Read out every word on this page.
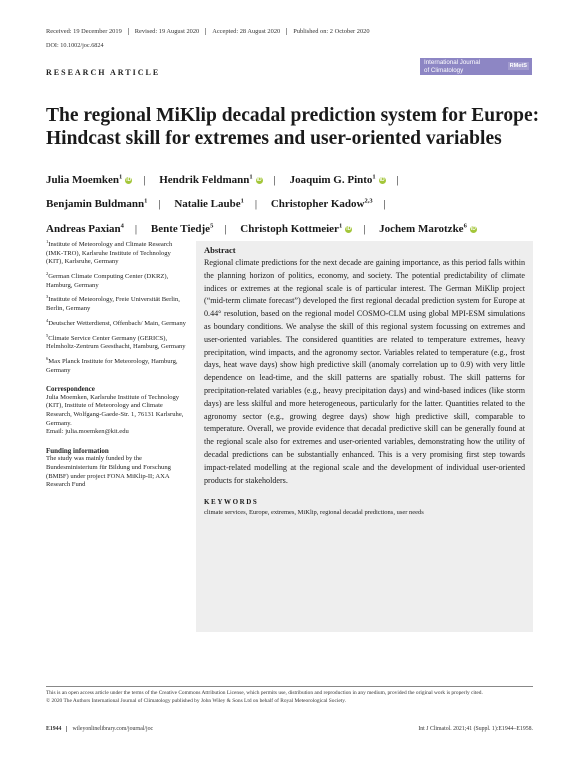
Received: 19 December 2019	Revised: 19 August 2020	Accepted: 28 August 2020	Published on: 2 October 2020
DOI: 10.1002/joc.6824
RESEARCH ARTICLE
International Journal
of Climatology
RMetS
The regional MiKlip decadal prediction system for Europe: Hindcast skill for extremes and user-oriented variables
Julia Moemken$^1$ iD | Hendrik Feldmann$^1$ iD | Joaquim G. Pinto$^1$ iD |
Benjamin Buldmann$^1$ | Natalie Laube$^1$ | Christopher Kadow$^{2,3}$ |
Andreas Paxian$^4$ | Bente Tiedje$^5$ | Christoph Kottmeier$^1$ iD | Jochem Marotzke$^6$ iD
$^1$Institute of Meteorology and Climate Research (IMK-TRO), Karlsruhe Institute of Technology (KIT), Karlsruhe, Germany
$^2$German Climate Computing Center (DKRZ), Hamburg, Germany
$^3$Institute of Meteorology, Freie Universität Berlin, Berlin, Germany
$^4$Deutscher Wetterdienst, Offenbach/ Main, Germany
$^5$Climate Service Center Germany (GERICS), Helmholtz-Zentrum Geesthacht, Hamburg, Germany
$^6$Max Planck Institute for Meteorology, Hamburg, Germany
Correspondence
Julia Moemken, Karlsruhe Institute of Technology (KIT), Institute of Meteorology and Climate Research, Wolfgang-Gaede-Str. 1, 76131 Karlsruhe, Germany.
Email: julia.moemken@kit.edu
Funding information
The study was mainly funded by the Bundesministerium für Bildung und Forschung (BMBF) under project FONA MiKlip-II; AXA Research Fund
Abstract

Regional climate predictions for the next decade are gaining importance, as this period falls within the planning horizon of politics, economy, and society. The potential predictability of climate indices or extremes at the regional scale is of particular interest. The German MiKlip project (“mid-term climate forecast”) developed the first regional decadal prediction system for Europe at 0.44° resolution, based on the regional model COSMO-CLM using global MPI-ESM simulations as boundary conditions. We analyse the skill of this regional system focussing on extremes and user-oriented variables. The considered quantities are related to temperature extremes, heavy precipitation, wind impacts, and the agronomy sector. Variables related to temperature (e.g., frost days, heat wave days) show high predictive skill (anomaly correlation up to 0.9) with very little dependence on lead-time, and the skill patterns are spatially robust. The skill patterns for precipitation-related variables (e.g., heavy precipitation days) and wind-based indices (like storm days) are less skilful and more heterogeneous, particularly for the latter. Quantities related to the agronomy sector (e.g., growing degree days) show high predictive skill, comparable to temperature. Overall, we provide evidence that decadal predictive skill can be generally found at the regional scale also for extremes and user-oriented variables, demonstrating how the utility of decadal predictions can be substantially enhanced. This is a very promising first step towards impact-related modelling at the regional scale and the development of individual user-oriented products for stakeholders.

KEYWORDS
climate services, Europe, extremes, MiKlip, regional decadal predictions, user needs
This is an open access article under the terms of the Creative Commons Attribution License, which permits use, distribution and reproduction in any medium, provided the original work is properly cited.
© 2020 The Authors International Journal of Climatology published by John Wiley & Sons Ltd on behalf of Royal Meteorological Society.
E1944	wileyonlinelibrary.com/journal/joc	Int J Climatol. 2021;41 (Suppl. 1):E1944–E1958.
